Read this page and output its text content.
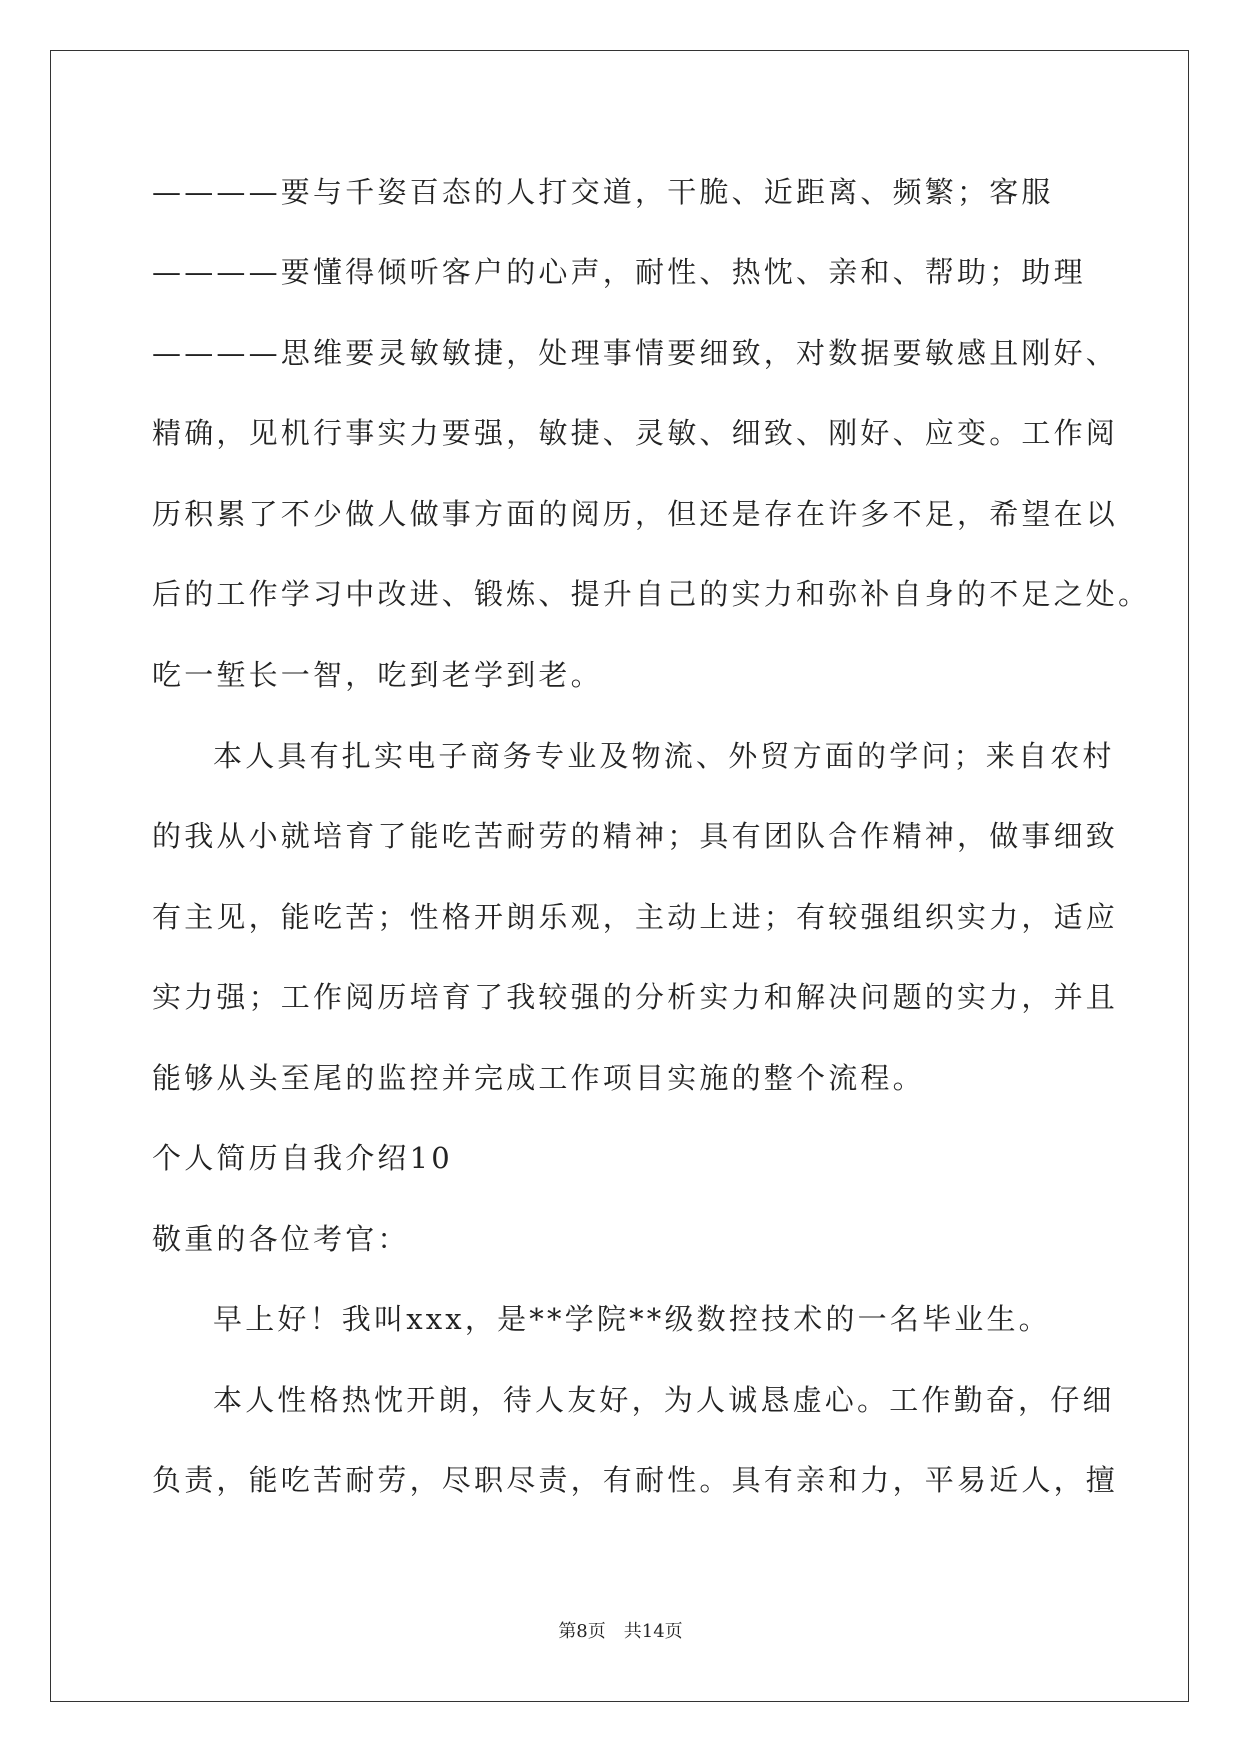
————要与千姿百态的人打交道，干脆、近距离、频繁；客服
————要懂得倾听客户的心声，耐性、热忱、亲和、帮助；助理
————思维要灵敏敏捷，处理事情要细致，对数据要敏感且刚好、
精确，见机行事实力要强，敏捷、灵敏、细致、刚好、应变。工作阅
历积累了不少做人做事方面的阅历，但还是存在许多不足，希望在以
后的工作学习中改进、锻炼、提升自己的实力和弥补自身的不足之处。
吃一堑长一智，吃到老学到老。
本人具有扎实电子商务专业及物流、外贸方面的学问；来自农村
的我从小就培育了能吃苦耐劳的精神；具有团队合作精神，做事细致
有主见，能吃苦；性格开朗乐观，主动上进；有较强组织实力，适应
实力强；工作阅历培育了我较强的分析实力和解决问题的实力，并且
能够从头至尾的监控并完成工作项目实施的整个流程。
个人简历自我介绍10
敬重的各位考官：
早上好！我叫xxx，是**学院**级数控技术的一名毕业生。
本人性格热忱开朗，待人友好，为人诚恳虚心。工作勤奋，仔细
负责，能吃苦耐劳，尽职尽责，有耐性。具有亲和力，平易近人，擅
第8页 共14页
